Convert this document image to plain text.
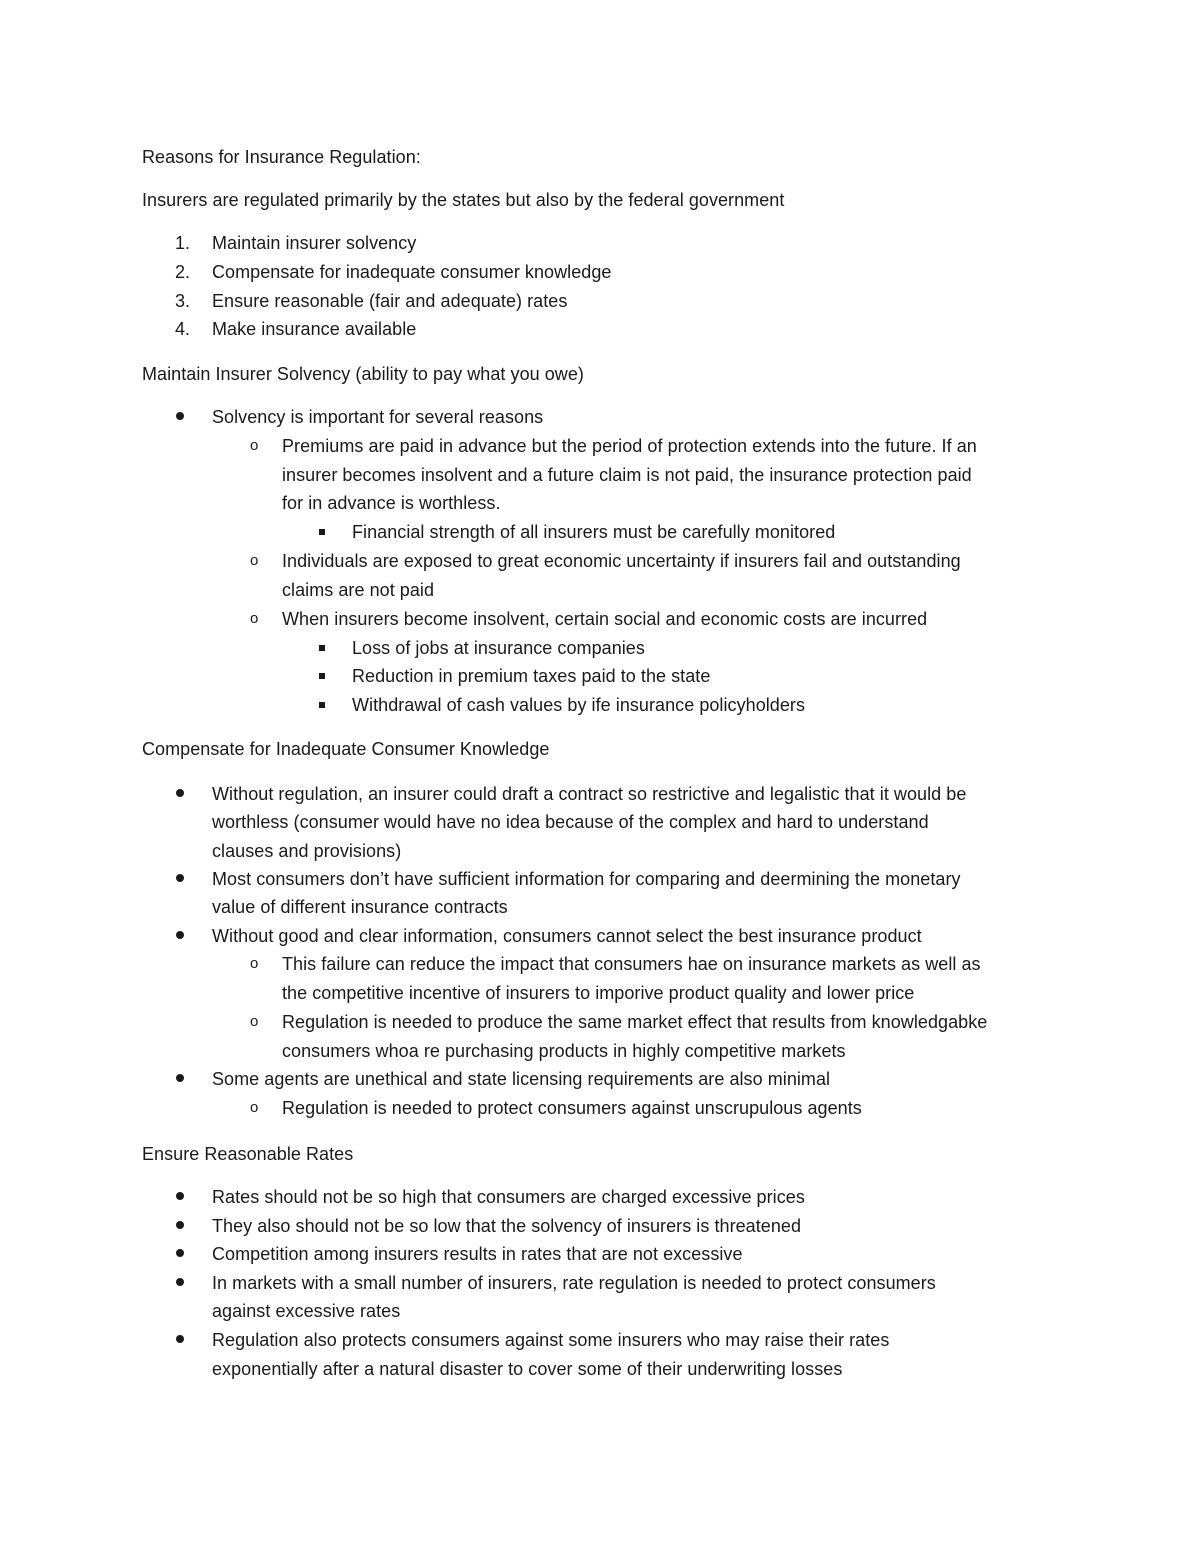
Reasons for Insurance Regulation:
Insurers are regulated primarily by the states but also by the federal government
1. Maintain insurer solvency
2. Compensate for inadequate consumer knowledge
3. Ensure reasonable (fair and adequate) rates
4. Make insurance available
Maintain Insurer Solvency (ability to pay what you owe)
Solvency is important for several reasons
o Premiums are paid in advance but the period of protection extends into the future. If an
insurer becomes insolvent and a future claim is not paid, the insurance protection paid
for in advance is worthless.
Financial strength of all insurers must be carefully monitored
o Individuals are exposed to great economic uncertainty if insurers fail and outstanding
claims are not paid
o When insurers become insolvent, certain social and economic costs are incurred
Loss of jobs at insurance companies
Reduction in premium taxes paid to the state
Withdrawal of cash values by ife insurance policyholders
Compensate for Inadequate Consumer Knowledge
Without regulation, an insurer could draft a contract so restrictive and legalistic that it would be
worthless (consumer would have no idea because of the complex and hard to understand
clauses and provisions)
Most consumers don’t have sufficient information for comparing and deermining the monetary
value of different insurance contracts
Without good and clear information, consumers cannot select the best insurance product
o This failure can reduce the impact that consumers hae on insurance markets as well as
the competitive incentive of insurers to imporive product quality and lower price
o Regulation is needed to produce the same market effect that results from knowledgabke
consumers whoa re purchasing products in highly competitive markets
Some agents are unethical and state licensing requirements are also minimal
o Regulation is needed to protect consumers against unscrupulous agents
Ensure Reasonable Rates
Rates should not be so high that consumers are charged excessive prices
They also should not be so low that the solvency of insurers is threatened
Competition among insurers results in rates that are not excessive
In markets with a small number of insurers, rate regulation is needed to protect consumers
against excessive rates
Regulation also protects consumers against some insurers who may raise their rates
exponentially after a natural disaster to cover some of their underwriting losses
